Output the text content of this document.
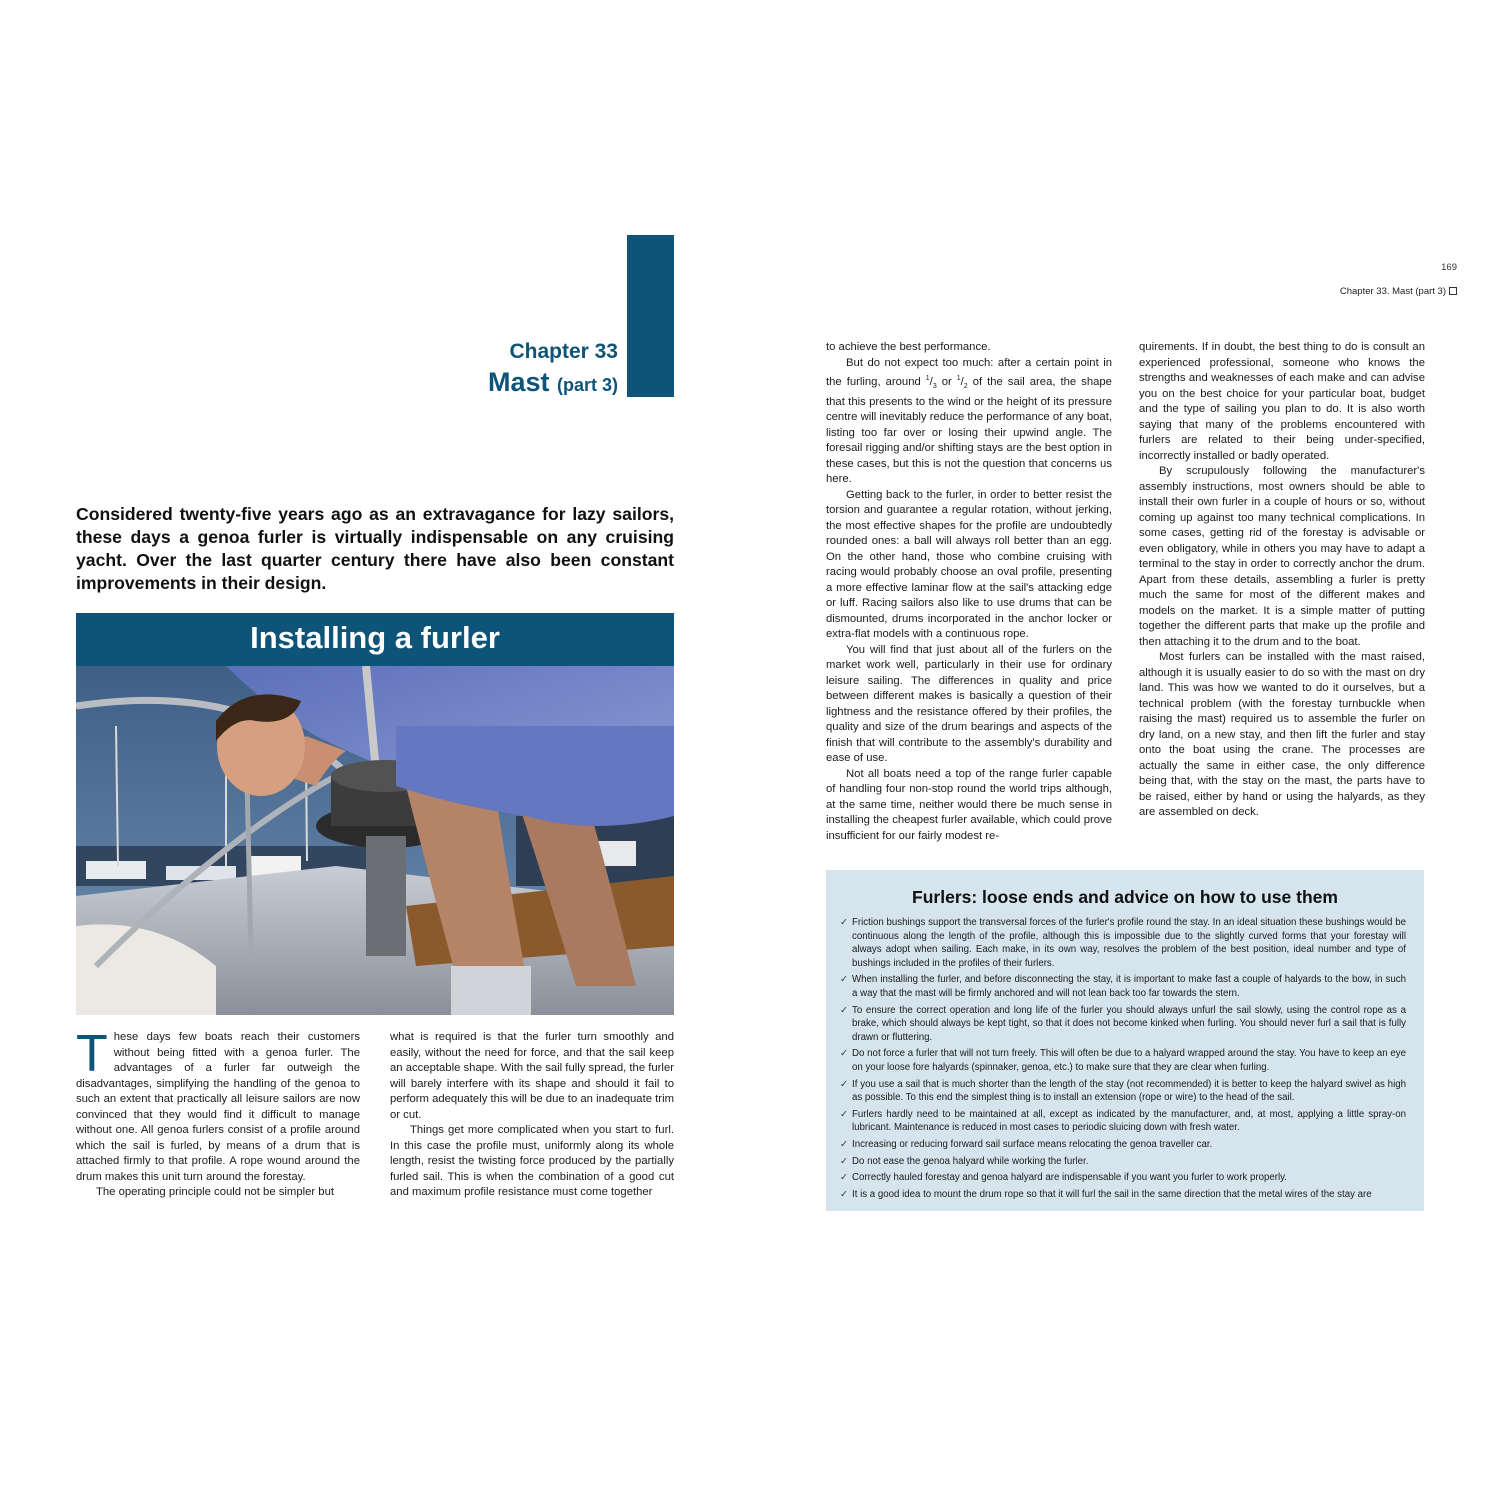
169
Chapter 33. Mast (part 3)
Chapter 33
Mast (part 3)

Considered twenty-five years ago as an extravagance for lazy sailors, these days a genoa furler is virtually indispensable on any cruising yacht. Over the last quarter century there have also been constant improvements in their design.

Installing a furler

These days few boats reach their customers without being fitted with a genoa furler. The advantages of a furler far outweigh the disadvantages, simplifying the handling of the genoa to such an extent that practically all leisure sailors are now convinced that they would find it difficult to manage without one. All genoa furlers consist of a profile around which the sail is furled, by means of a drum that is attached firmly to that profile. A rope wound around the drum makes this unit turn around the forestay.

The operating principle could not be simpler but

what is required is that the furler turn smoothly and easily, without the need for force, and that the sail keep an acceptable shape. With the sail fully spread, the furler will barely interfere with its shape and should it fail to perform adequately this will be due to an inadequate trim or cut.

Things get more complicated when you start to furl. In this case the profile must, uniformly along its whole length, resist the twisting force produced by the partially furled sail. This is when the combination of a good cut and maximum profile resistance must come together

to achieve the best performance.

But do not expect too much: after a certain point in the furling, around $^1/_3$ or $^1/_2$ of the sail area, the shape that this presents to the wind or the height of its pressure centre will inevitably reduce the performance of any boat, listing too far over or losing their upwind angle. The foresail rigging and/or shifting stays are the best option in these cases, but this is not the question that concerns us here.

Getting back to the furler, in order to better resist the torsion and guarantee a regular rotation, without jerking, the most effective shapes for the profile are undoubtedly rounded ones: a ball will always roll better than an egg. On the other hand, those who combine cruising with racing would probably choose an oval profile, presenting a more effective laminar flow at the sail's attacking edge or luff. Racing sailors also like to use drums that can be dismounted, drums incorporated in the anchor locker or extra-flat models with a continuous rope.

You will find that just about all of the furlers on the market work well, particularly in their use for ordinary leisure sailing. The differences in quality and price between different makes is basically a question of their lightness and the resistance offered by their profiles, the quality and size of the drum bearings and aspects of the finish that will contribute to the assembly's durability and ease of use.

Not all boats need a top of the range furler capable of handling four non-stop round the world trips although, at the same time, neither would there be much sense in installing the cheapest furler available, which could prove insufficient for our fairly modest re-

quirements. If in doubt, the best thing to do is consult an experienced professional, someone who knows the strengths and weaknesses of each make and can advise you on the best choice for your particular boat, budget and the type of sailing you plan to do. It is also worth saying that many of the problems encountered with furlers are related to their being under-specified, incorrectly installed or badly operated.

By scrupulously following the manufacturer's assembly instructions, most owners should be able to install their own furler in a couple of hours or so, without coming up against too many technical complications. In some cases, getting rid of the forestay is advisable or even obligatory, while in others you may have to adapt a terminal to the stay in order to correctly anchor the drum. Apart from these details, assembling a furler is pretty much the same for most of the different makes and models on the market. It is a simple matter of putting together the different parts that make up the profile and then attaching it to the drum and to the boat.

Most furlers can be installed with the mast raised, although it is usually easier to do so with the mast on dry land. This was how we wanted to do it ourselves, but a technical problem (with the forestay turnbuckle when raising the mast) required us to assemble the furler on dry land, on a new stay, and then lift the furler and stay onto the boat using the crane. The processes are actually the same in either case, the only difference being that, with the stay on the mast, the parts have to be raised, either by hand or using the halyards, as they are assembled on deck.

Furlers: loose ends and advice on how to use them
✓ Friction bushings support the transversal forces of the furler's profile round the stay. In an ideal situation these bushings would be continuous along the length of the profile, although this is impossible due to the slightly curved forms that your forestay will always adopt when sailing. Each make, in its own way, resolves the problem of the best position, ideal number and type of bushings included in the profiles of their furlers.
✓ When installing the furler, and before disconnecting the stay, it is important to make fast a couple of halyards to the bow, in such a way that the mast will be firmly anchored and will not lean back too far towards the stern.
✓ To ensure the correct operation and long life of the furler you should always unfurl the sail slowly, using the control rope as a brake, which should always be kept tight, so that it does not become kinked when furling. You should never furl a sail that is fully drawn or fluttering.
✓ Do not force a furler that will not turn freely. This will often be due to a halyard wrapped around the stay. You have to keep an eye on your loose fore halyards (spinnaker, genoa, etc.) to make sure that they are clear when furling.
✓ If you use a sail that is much shorter than the length of the stay (not recommended) it is better to keep the halyard swivel as high as possible. To this end the simplest thing is to install an extension (rope or wire) to the head of the sail.
✓ Furlers hardly need to be maintained at all, except as indicated by the manufacturer, and, at most, applying a little spray-on lubricant. Maintenance is reduced in most cases to periodic sluicing down with fresh water.
✓ Increasing or reducing forward sail surface means relocating the genoa traveller car.
✓ Do not ease the genoa halyard while working the furler.
✓ Correctly hauled forestay and genoa halyard are indispensable if you want you furler to work properly.
✓ It is a good idea to mount the drum rope so that it will furl the sail in the same direction that the metal wires of the stay are
